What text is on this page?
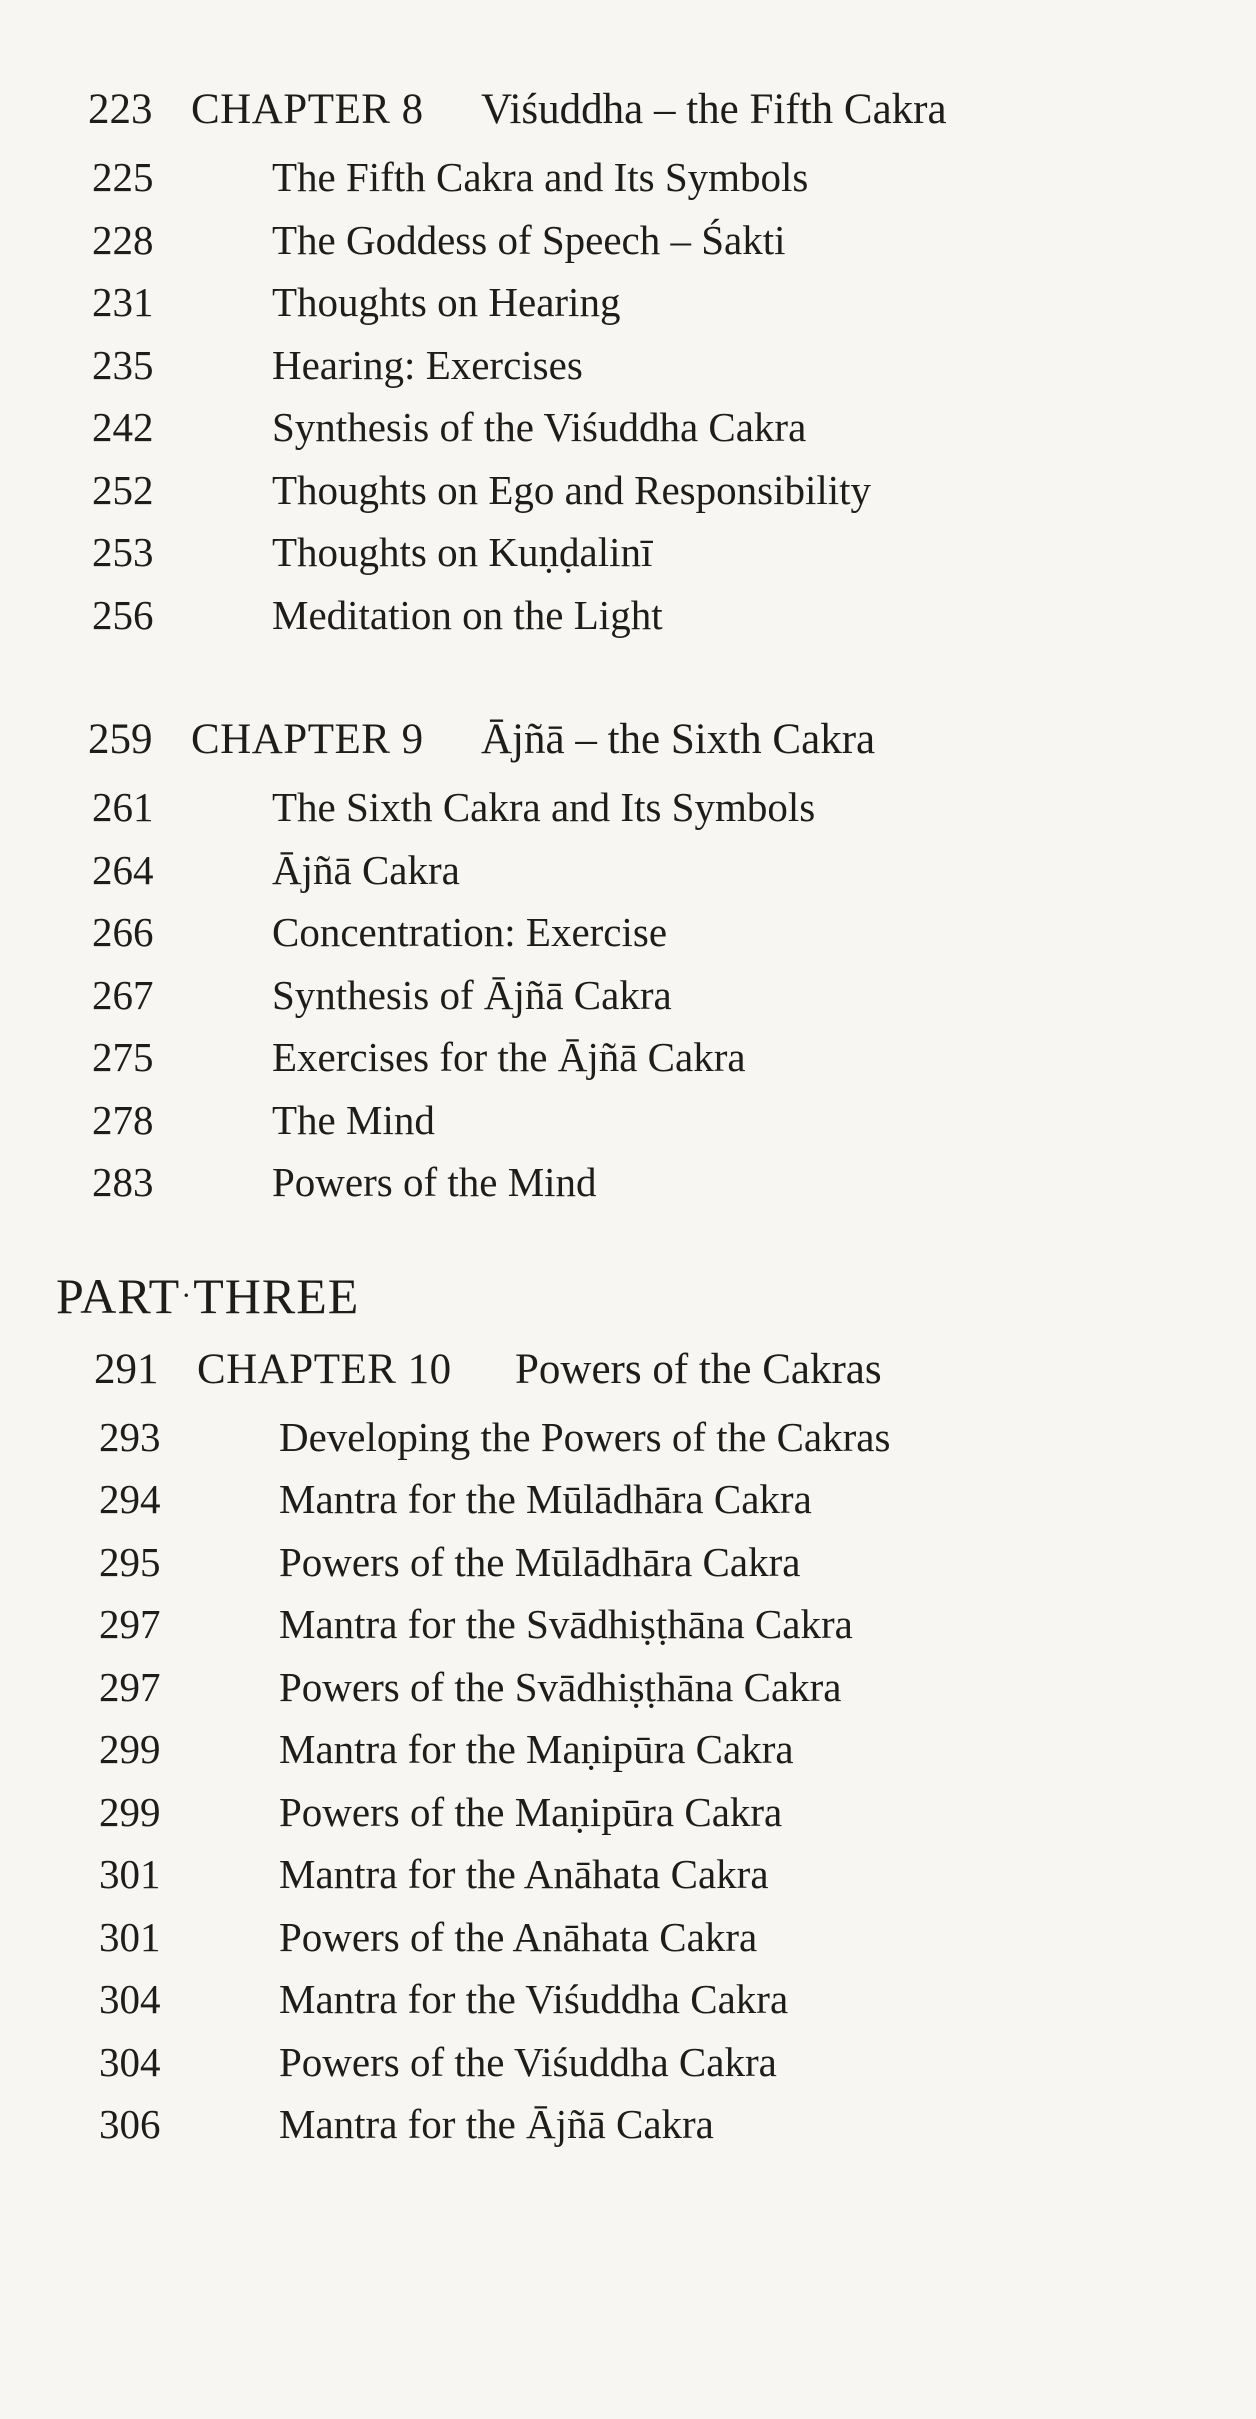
223 CHAPTER 8	Viśuddha – the Fifth Cakra
225	The Fifth Cakra and Its Symbols
228	The Goddess of Speech – Śakti
231	Thoughts on Hearing
235	Hearing: Exercises
242	Synthesis of the Viśuddha Cakra
252	Thoughts on Ego and Responsibility
253	Thoughts on Kuṇḍalinī
256	Meditation on the Light
259 CHAPTER 9	Ājñā – the Sixth Cakra
261	The Sixth Cakra and Its Symbols
264	Ājñā Cakra
266	Concentration: Exercise
267	Synthesis of Ājñā Cakra
275	Exercises for the Ājñā Cakra
278	The Mind
283	Powers of the Mind
PART·THREE
291 CHAPTER 10	Powers of the Cakras
293	Developing the Powers of the Cakras
294	Mantra for the Mūlādhāra Cakra
295	Powers of the Mūlādhāra Cakra
297	Mantra for the Svādhiṣṭhāna Cakra
297	Powers of the Svādhiṣṭhāna Cakra
299	Mantra for the Maṇipūra Cakra
299	Powers of the Maṇipūra Cakra
301	Mantra for the Anāhata Cakra
301	Powers of the Anāhata Cakra
304	Mantra for the Viśuddha Cakra
304	Powers of the Viśuddha Cakra
306	Mantra for the Ājñā Cakra
